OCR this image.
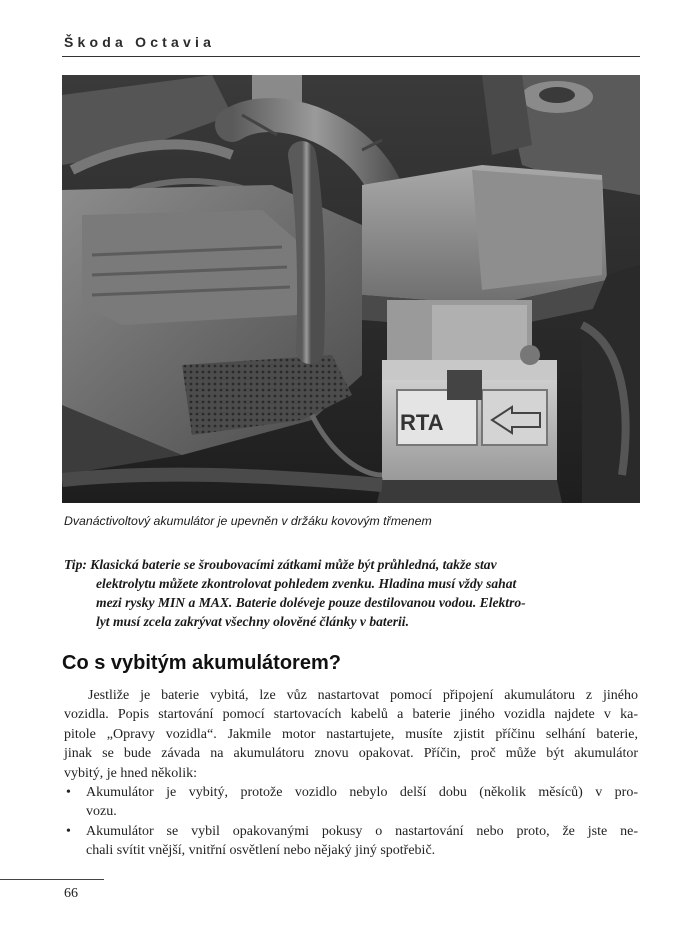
Škoda Octavia
RTA
Dvanáctivoltový akumulátor je upevněn v držáku kovovým třmenem
Tip: Klasická baterie se šroubovacími zátkami může být průhledná, takže stav
elektrolytu můžete zkontrolovat pohledem zvenku. Hladina musí vždy sahat
mezi rysky MIN a MAX. Baterie doléveje pouze destilovanou vodou. Elektro-
lyt musí zcela zakrývat všechny olověné články v baterii.
Co s vybitým akumulátorem?
Jestliže je baterie vybitá, lze vůz nastartovat pomocí připojení akumulátoru z jiného
vozidla. Popis startování pomocí startovacích kabelů a baterie jiného vozidla najdete v ka-
pitole „Opravy vozidla“. Jakmile motor nastartujete, musíte zjistit příčinu selhání baterie,
jinak se bude závada na akumulátoru znovu opakovat. Příčin, proč může být akumulátor
vybitý, je hned několik:
• Akumulátor je vybitý, protože vozidlo nebylo delší dobu (několik měsíců) v pro-
vozu.
• Akumulátor se vybil opakovanými pokusy o nastartování nebo proto, že jste ne-
chali svítit vnější, vnitřní osvětlení nebo nějaký jiný spotřebič.
66
